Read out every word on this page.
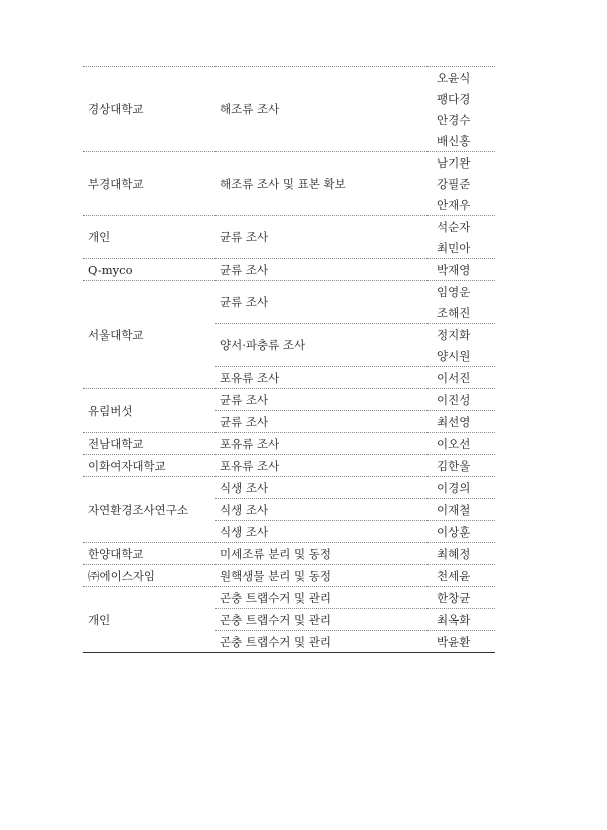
경상대학교	해조류 조사	오윤식
		팽다경
		안경수
		배신홍
부경대학교	해조류 조사 및 표본 확보	남기완
		강필준
		안재우
개인	균류 조사	석순자
		최민아
Q-myco	균류 조사	박재영
서울대학교	균류 조사	임영운
		조해진
	양서·파충류 조사	정지화
		양시원
	포유류 조사	이서진
유림버섯	균류 조사	이진성
	균류 조사	최선영
전남대학교	포유류 조사	이오선
이화여자대학교	포유류 조사	김한울
자연환경조사연구소	식생 조사	이경의
	식생 조사	이재철
	식생 조사	이상훈
한양대학교	미세조류 분리 및 동정	최혜정
㈜에이스자임	원핵생물 분리 및 동정	천세윤
개인	곤충 트랩수거 및 관리	한창균
	곤충 트랩수거 및 관리	최옥화
	곤충 트랩수거 및 관리	박윤환
